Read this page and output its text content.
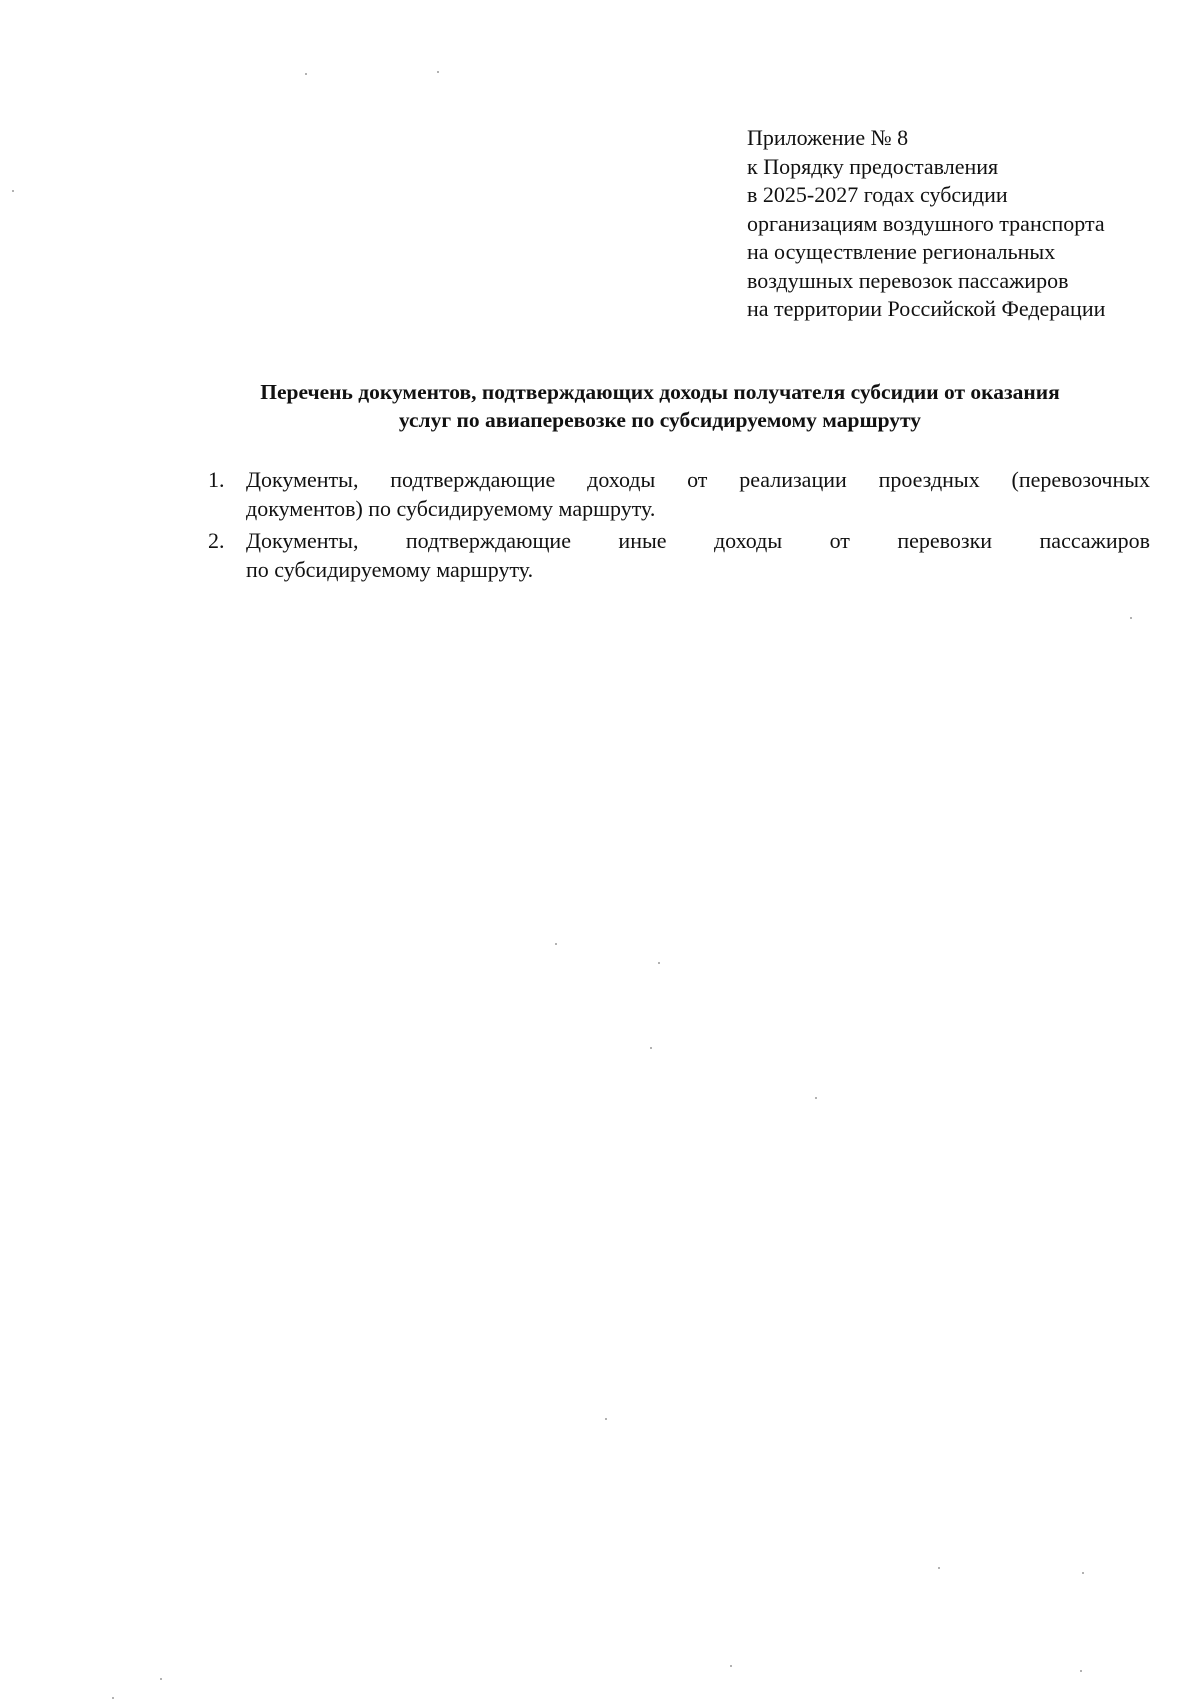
Приложение № 8
к Порядку предоставления
в 2025-2027 годах субсидии
организациям воздушного транспорта
на осуществление региональных
воздушных перевозок пассажиров
на территории Российской Федерации
Перечень документов, подтверждающих доходы получателя субсидии от оказания
услуг по авиаперевозке по субсидируемому маршруту
1. Документы, подтверждающие доходы от реализации проездных (перевозочных
документов) по субсидируемому маршруту.
2. Документы, подтверждающие иные доходы от перевозки пассажиров
по субсидируемому маршруту.
